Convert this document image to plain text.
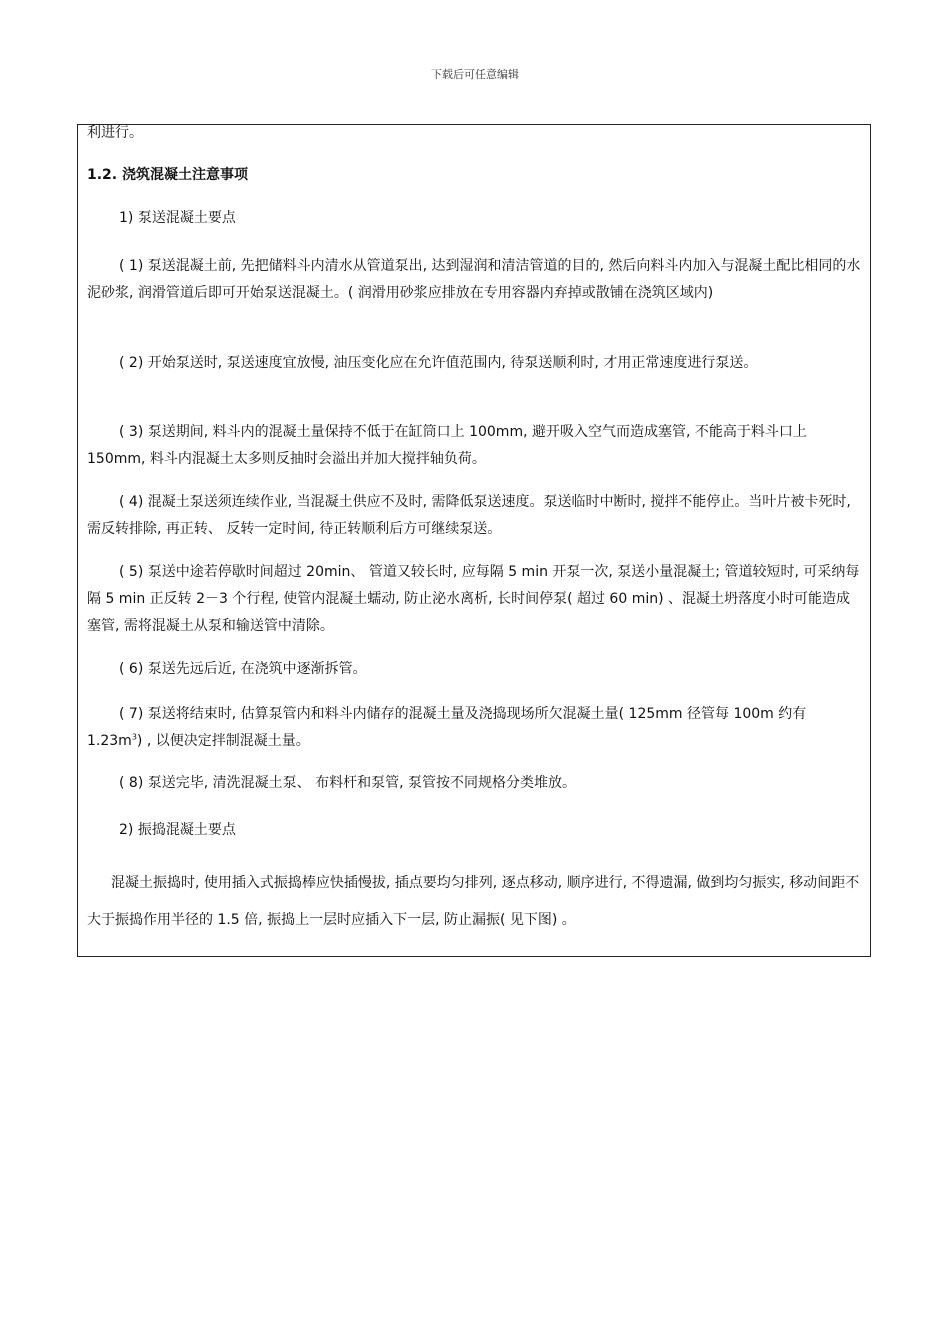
下载后可任意编辑

利进行。

1.2. 浇筑混凝土注意事项

1) 泵送混凝土要点

( 1) 泵送混凝土前, 先把储料斗内清水从管道泵出, 达到湿润和清洁管道的目的, 然后向料斗内加入与混凝土配比相同的水泥砂浆, 润滑管道后即可开始泵送混凝土。( 润滑用砂浆应排放在专用容器内弃掉或散铺在浇筑区域内)

( 2) 开始泵送时, 泵送速度宜放慢, 油压变化应在允许值范围内, 待泵送顺利时, 才用正常速度进行泵送。

( 3) 泵送期间, 料斗内的混凝土量保持不低于在缸筒口上 100mm, 避开吸入空气而造成塞管, 不能高于料斗口上 150mm, 料斗内混凝土太多则反抽时会溢出并加大搅拌轴负荷。

( 4) 混凝土泵送须连续作业, 当混凝土供应不及时, 需降低泵送速度。泵送临时中断时, 搅拌不能停止。当叶片被卡死时, 需反转排除, 再正转、 反转一定时间, 待正转顺利后方可继续泵送。

( 5) 泵送中途若停歇时间超过 20min、 管道又较长时, 应每隔 5 min 开泵一次, 泵送小量混凝土; 管道较短时, 可采纳每隔 5 min 正反转 2－3 个行程, 使管内混凝土蠕动, 防止泌水离析, 长时间停泵( 超过 60 min) 、混凝土坍落度小时可能造成塞管, 需将混凝土从泵和输送管中清除。

( 6) 泵送先远后近, 在浇筑中逐渐拆管。

( 7) 泵送将结束时, 估算泵管内和料斗内储存的混凝土量及浇捣现场所欠混凝土量( 125mm 径管每 100m 约有 $1.23m^3$) , 以便决定拌制混凝土量。

( 8) 泵送完毕, 清洗混凝土泵、 布料杆和泵管, 泵管按不同规格分类堆放。

2) 振捣混凝土要点

混凝土振捣时, 使用插入式振捣棒应快插慢拔, 插点要均匀排列, 逐点移动, 顺序进行, 不得遗漏, 做到均匀振实, 移动间距不大于振捣作用半径的 1.5 倍, 振捣上一层时应插入下一层, 防止漏振( 见下图) 。
